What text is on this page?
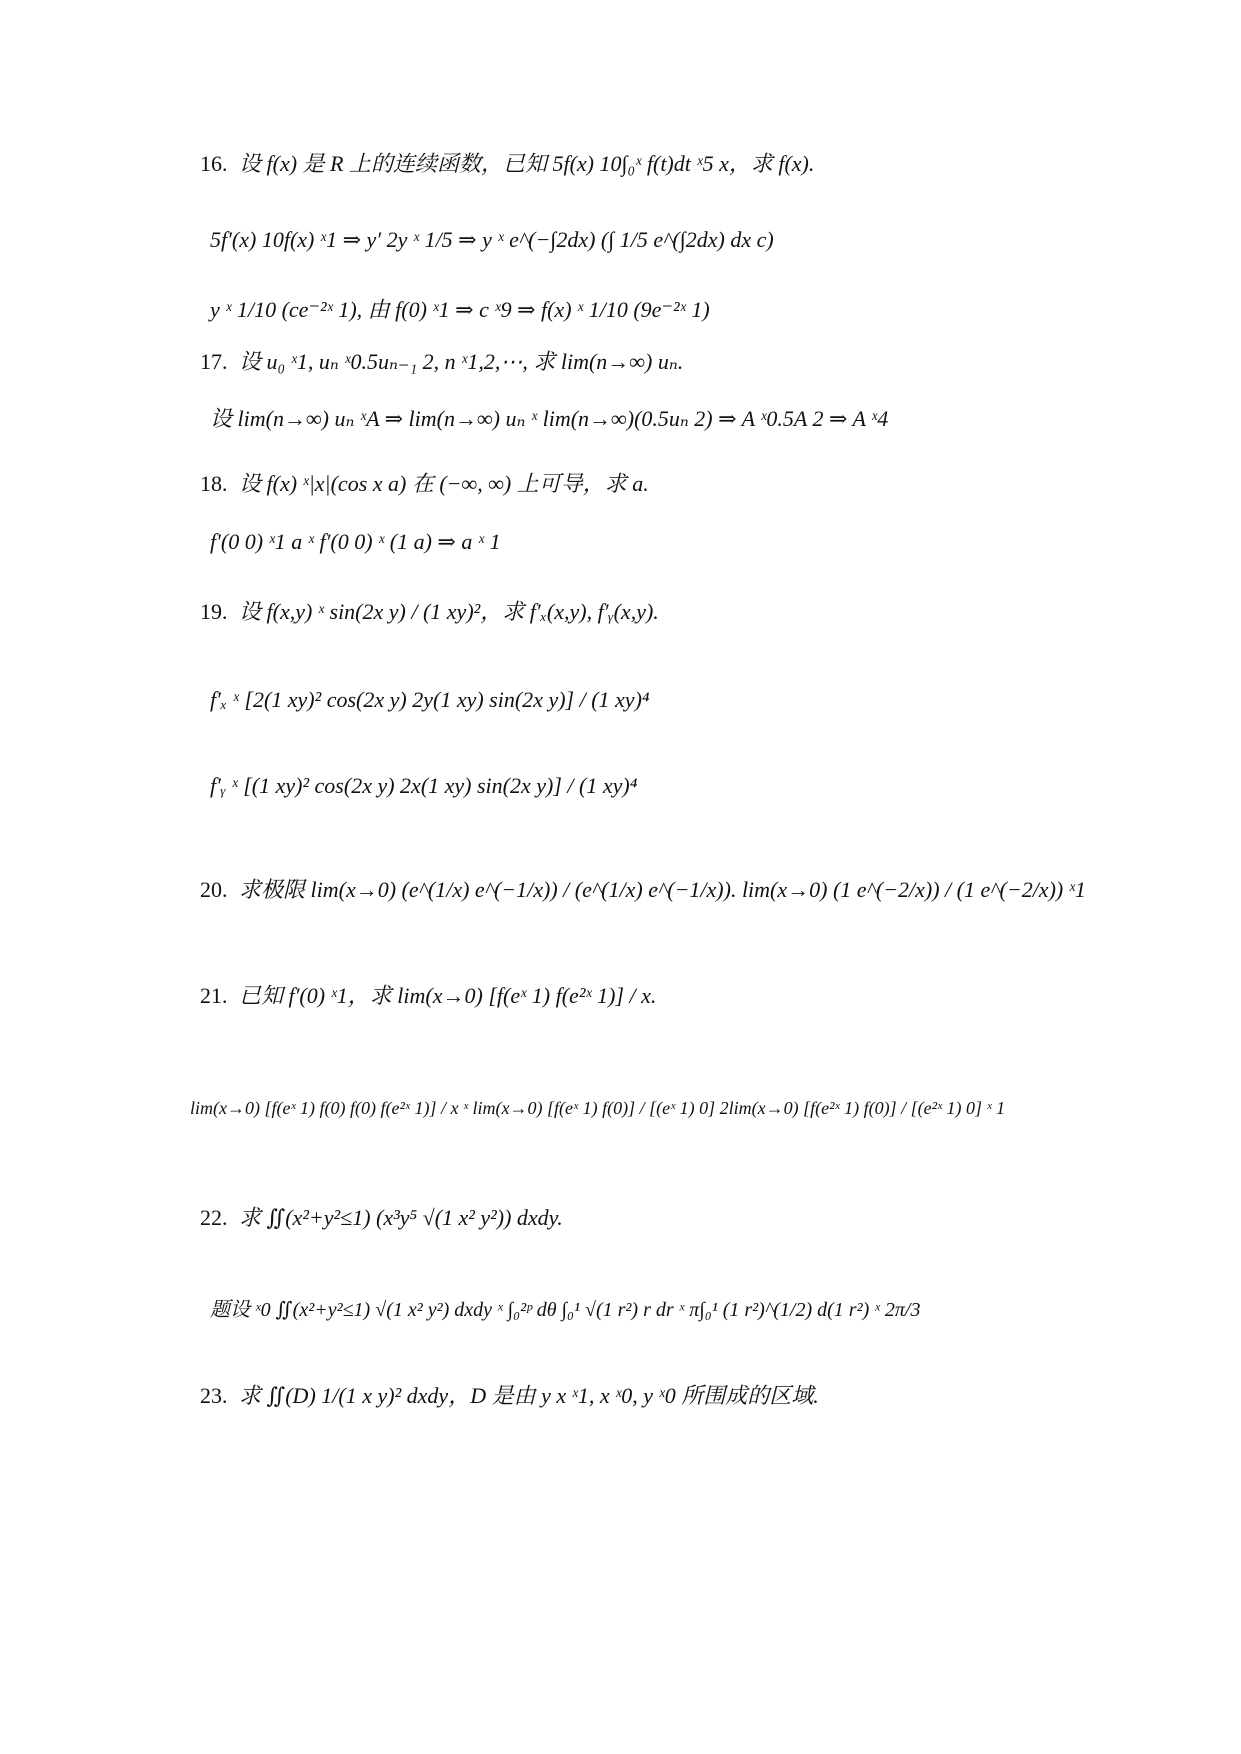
16. 设 f(x) 是 R 上的连续函数，已知 5f(x) 10∫₀ˣ f(t)dt ˣ5 x，求 f(x).
5f′(x) 10f(x) ˣ1 ⇒ y′ 2y ˣ 1/5 ⇒ y ˣ e^(−∫2dx) (∫ 1/5 e^(∫2dx) dx c)
y ˣ 1/10 (ce⁻²ˣ 1), 由 f(0) ˣ1 ⇒ c ˣ9 ⇒ f(x) ˣ 1/10 (9e⁻²ˣ 1)
17. 设 u₀ ˣ1, uₙ ˣ0.5uₙ₋₁ 2, n ˣ1,2,⋯, 求 lim(n→∞) uₙ.
设 lim(n→∞) uₙ ˣA ⇒ lim(n→∞) uₙ ˣ lim(n→∞)(0.5uₙ 2) ⇒ A ˣ0.5A 2 ⇒ A ˣ4
18. 设 f(x) ˣ|x|(cos x a) 在 (−∞, ∞) 上可导，求 a.
f′(0 0) ˣ1 a ˣ f′(0 0) ˣ (1 a) ⇒ a ˣ 1
19. 设 f(x,y) ˣ sin(2x y) / (1 xy)²，求 f′ₓ(x,y), f′ᵧ(x,y).
f′ₓ ˣ [2(1 xy)² cos(2x y) 2y(1 xy) sin(2x y)] / (1 xy)⁴
f′ᵧ ˣ [(1 xy)² cos(2x y) 2x(1 xy) sin(2x y)] / (1 xy)⁴
20. 求极限 lim(x→0) (e^(1/x) e^(−1/x)) / (e^(1/x) e^(−1/x)). lim(x→0) (1 e^(−2/x)) / (1 e^(−2/x)) ˣ1
21. 已知 f′(0) ˣ1，求 lim(x→0) [f(eˣ 1) f(e²ˣ 1)] / x.
lim(x→0) [f(eˣ 1) f(0) f(0) f(e²ˣ 1)] / x ˣ lim(x→0) [f(eˣ 1) f(0)] / [(eˣ 1) 0] 2lim(x→0) [f(e²ˣ 1) f(0)] / [(e²ˣ 1) 0] ˣ 1
22. 求 ∬(x²+y²≤1) (x³y⁵ √(1 x² y²)) dxdy.
题设 ˣ0 ∬(x²+y²≤1) √(1 x² y²) dxdy ˣ ∫₀²ᵖ dθ ∫₀¹ √(1 r²) r dr ˣ π∫₀¹ (1 r²)^(1/2) d(1 r²) ˣ 2π/3
23. 求 ∬(D) 1/(1 x y)² dxdy，D 是由 y x ˣ1, x ˣ0, y ˣ0 所围成的区域.
